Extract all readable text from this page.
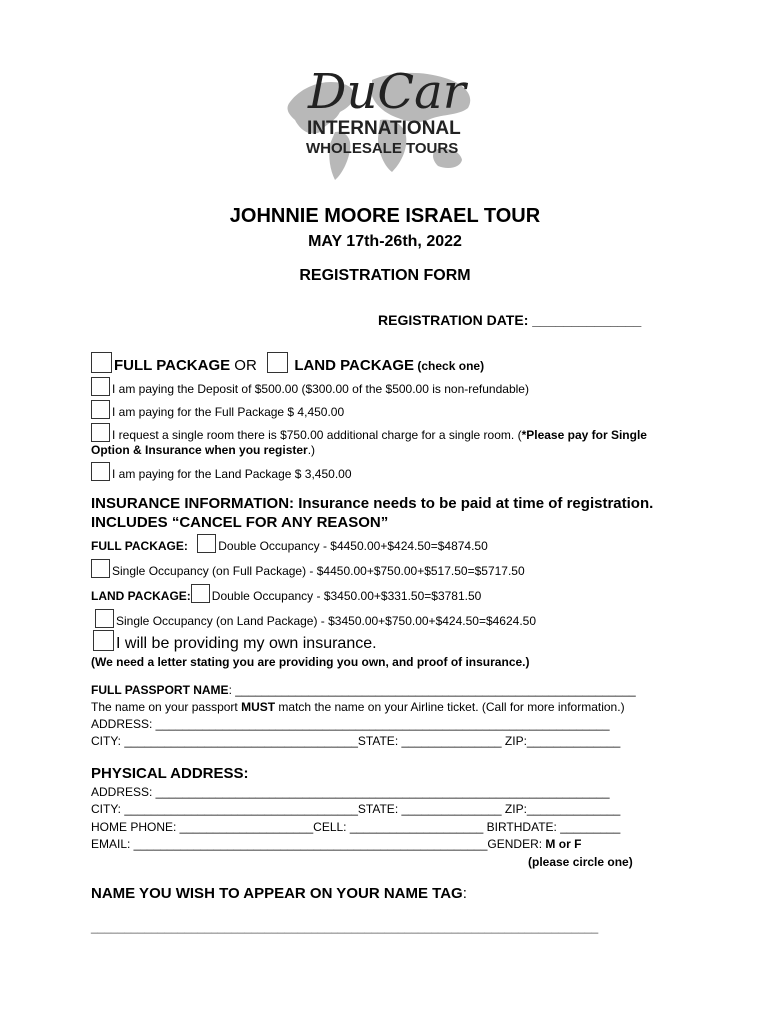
DuCar
INTERNATIONAL
WHOLESALE TOURS
JOHNNIE MOORE ISRAEL TOUR
MAY 17th-26th, 2022
REGISTRATION FORM
REGISTRATION DATE: ______________
FULL PACKAGE OR   LAND PACKAGE (check one)
I am paying the Deposit of $500.00 ($300.00 of the $500.00 is non-refundable)
I am paying for the Full Package $ 4,450.00
I request a single room there is $750.00 additional charge for a single room. (*Please pay for Single
Option & Insurance when you register.)
I am paying for the Land Package $ 3,450.00
INSURANCE INFORMATION: Insurance needs to be paid at time of registration.
INCLUDES “CANCEL FOR ANY REASON”
FULL PACKAGE:	Double Occupancy - $4450.00+$424.50=$4874.50
Single Occupancy (on Full Package) - $4450.00+$750.00+$517.50=$5717.50
LAND PACKAGE: Double Occupancy - $3450.00+$331.50=$3781.50
Single Occupancy (on Land Package) - $3450.00+$750.00+$424.50=$4624.50
I will be providing my own insurance.
(We need a letter stating you are providing you own, and proof of insurance.)
FULL PASSPORT NAME: ____________________________________________________________
The name on your passport MUST match the name on your Airline ticket. (Call for more information.)
ADDRESS: ____________________________________________________________________
CITY: ___________________________________STATE: _______________ ZIP:______________
PHYSICAL ADDRESS:
ADDRESS: ____________________________________________________________________
CITY: ___________________________________STATE: _______________ ZIP:______________
HOME PHONE: ____________________CELL: ____________________ BIRTHDATE: _________
EMAIL: _____________________________________________________GENDER: M or F
(please circle one)
NAME YOU WISH TO APPEAR ON YOUR NAME TAG:
____________________________________________________________________________
